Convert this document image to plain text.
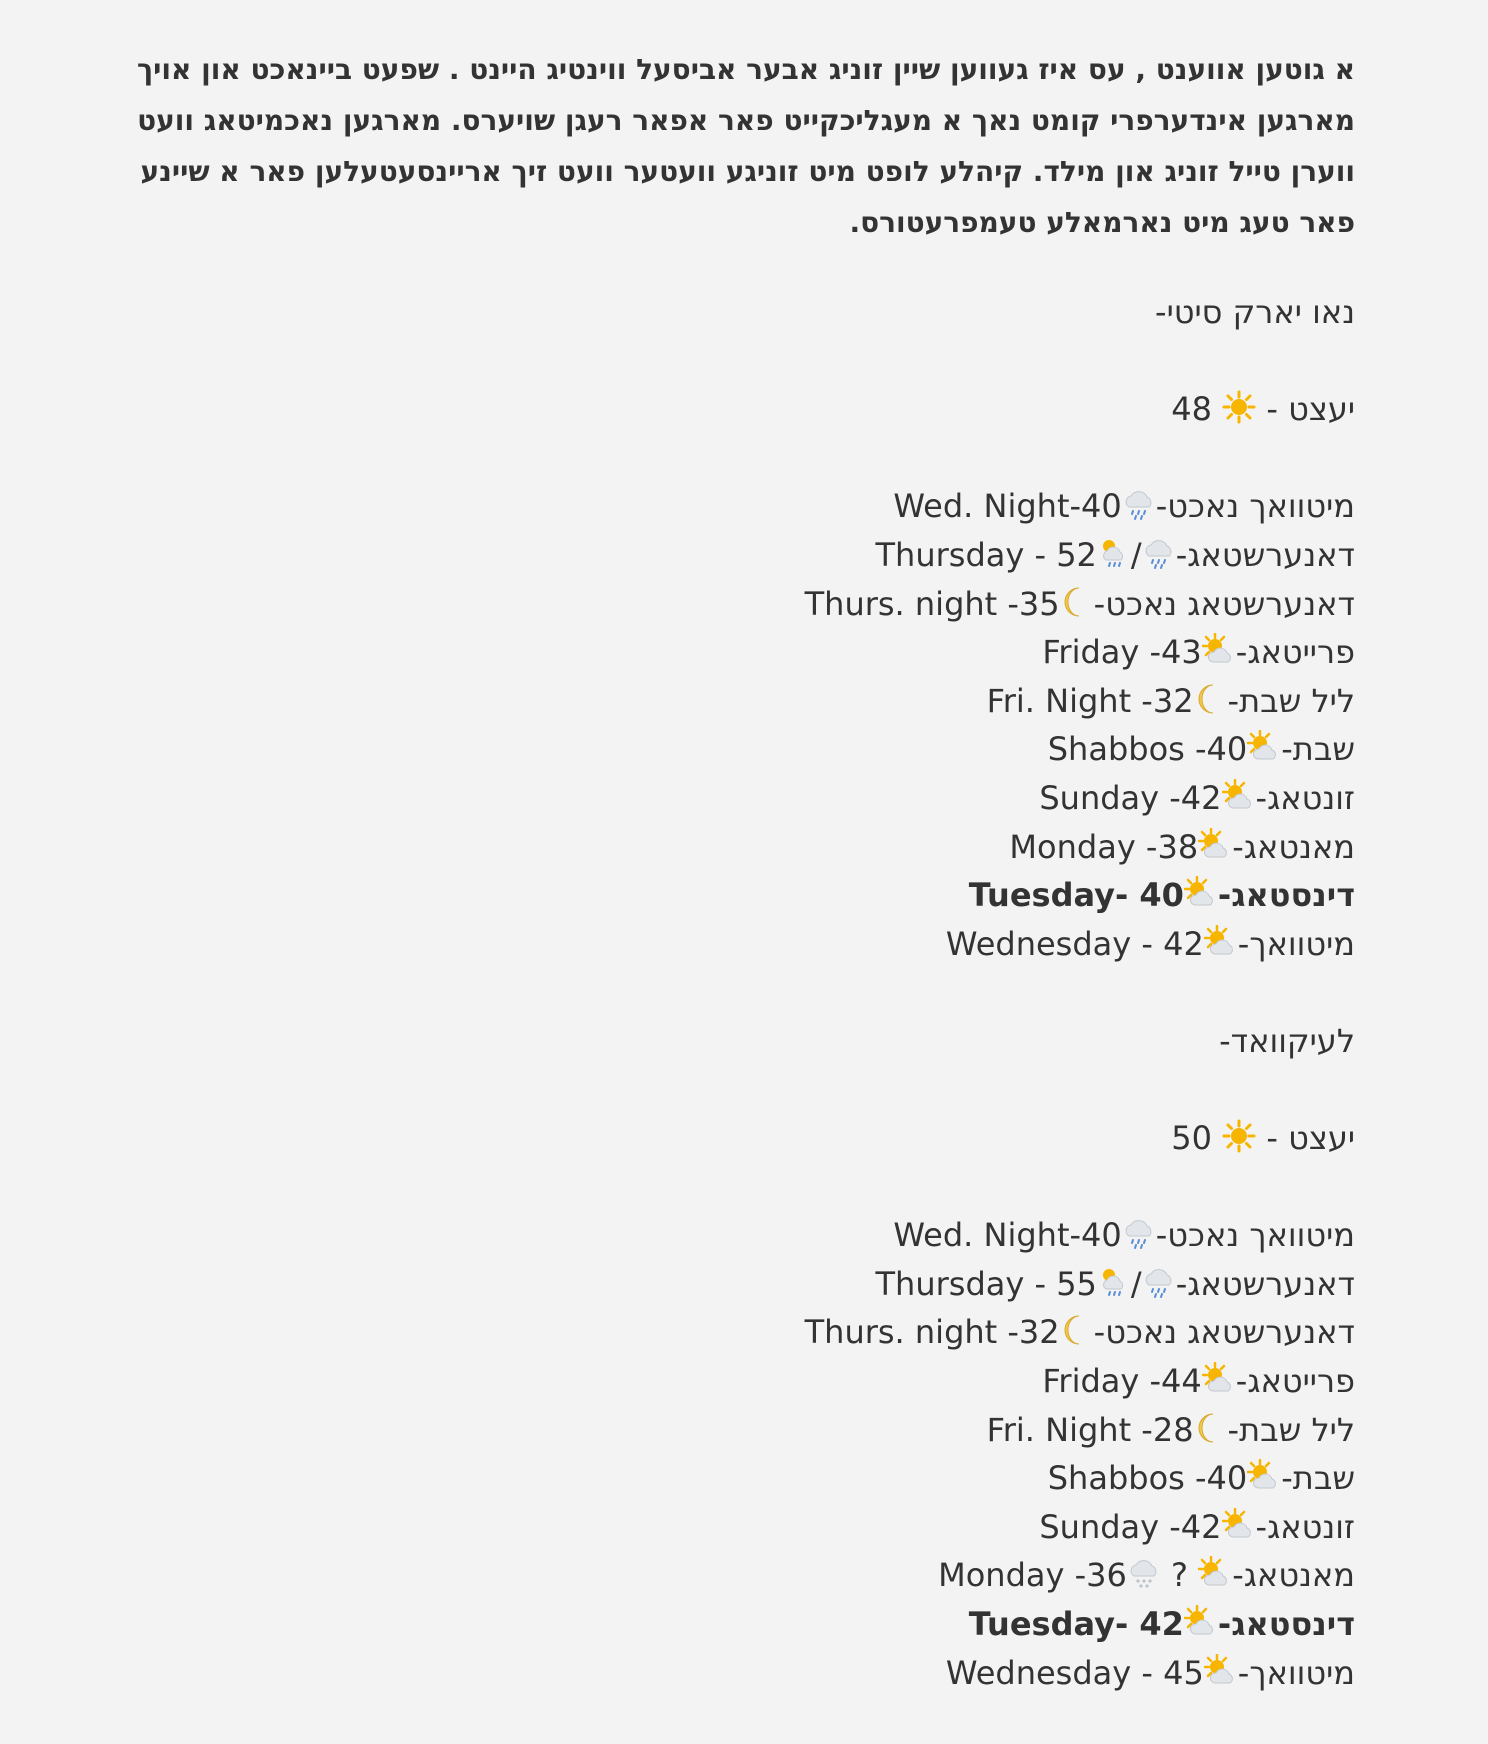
א גוטען אווענט , עס איז געווען שיין זוניג אבער אביסעל ווינטיג היינט . שפעט ביינאכט און אויך מארגען אינדערפרי קומט נאך א מעגליכקייט פאר אפאר רעגן שויערס. מארגען נאכמיטאג וועט ווערן טייל זוניג און מילד. קיהלע לופט מיט זוניגע וועטער וועט זיך אריינסעטעלען פאר א שיינע פאר טעג מיט נארמאלע טעמפרעטורס.

נאו יארק סיטי-
יעצט -
48
מיטוואך נאכט-
Wed. Night-40
דאנערשטאג-
/
Thursday - 52
דאנערשטאג נאכט-
Thurs. night -35
פרייטאג-
Friday -43
ליל שבת-
Fri. Night -32
שבת-
Shabbos -40
זונטאג-
Sunday -42
מאנטאג-
Monday -38
דינסטאג-
Tuesday- 40
מיטוואך-
Wednesday - 42
לעיקוואד-
יעצט -
50
מיטוואך נאכט-
Wed. Night-40
דאנערשטאג-
/
Thursday - 55
דאנערשטאג נאכט-
Thurs. night -32
פרייטאג-
Friday -44
ליל שבת-
Fri. Night -28
שבת-
Shabbos -40
זונטאג-
Sunday -42
מאנטאג-
?
Monday -36
דינסטאג-
Tuesday- 42
מיטוואך-
Wednesday - 45
